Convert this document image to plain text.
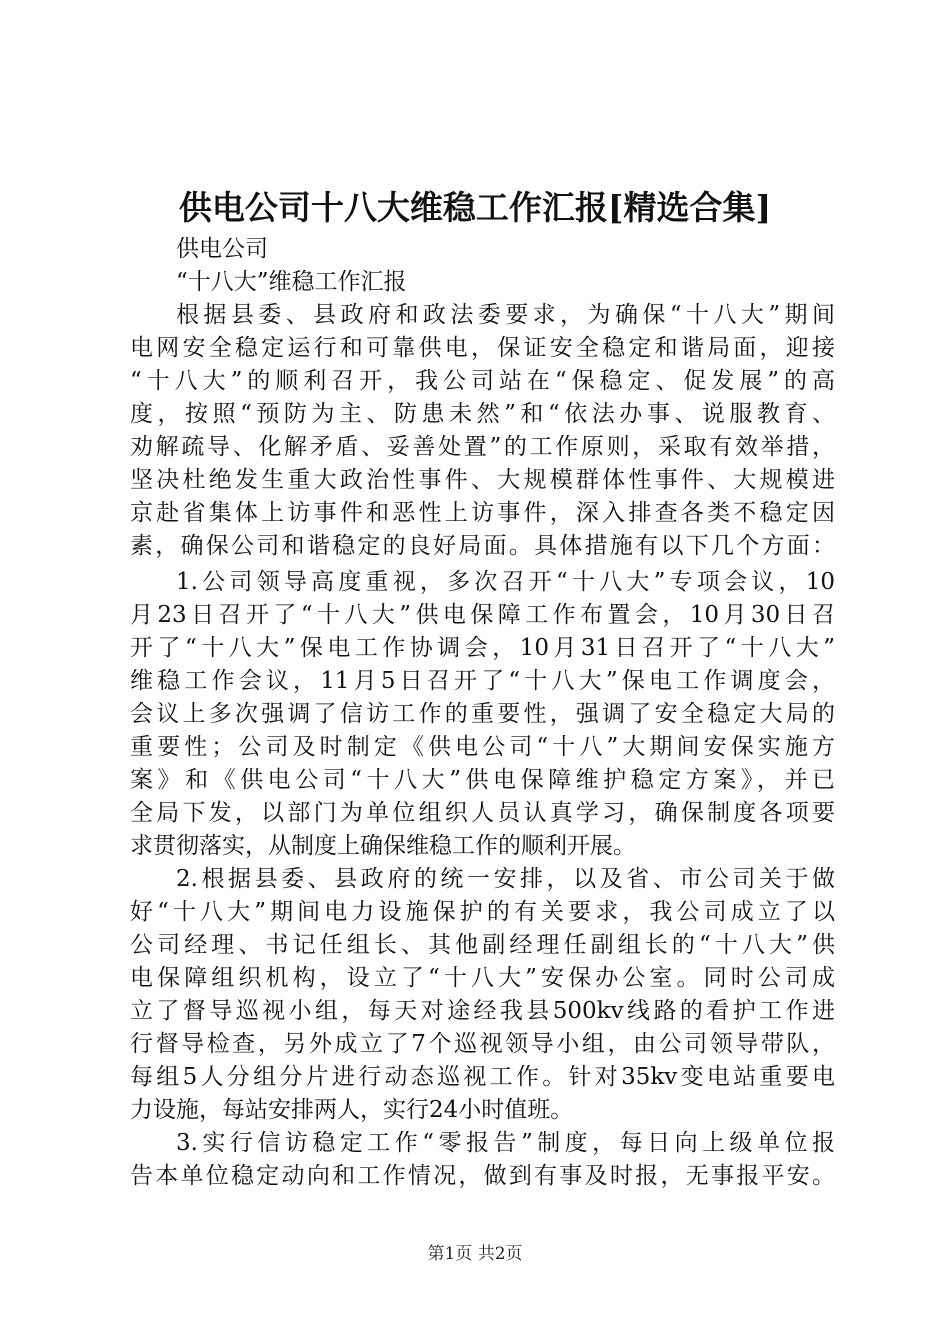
供电公司十八大维稳工作汇报[精选合集]
供电公司
“十八大”维稳工作汇报
根据县委、县政府和政法委要求，为确保“十八大”期间
电网安全稳定运行和可靠供电，保证安全稳定和谐局面，迎接
“十八大”的顺利召开，我公司站在“保稳定、促发展”的高
度，按照“预防为主、防患未然”和“依法办事、说服教育、
劝解疏导、化解矛盾、妥善处置”的工作原则，采取有效举措，
坚决杜绝发生重大政治性事件、大规模群体性事件、大规模进
京赴省集体上访事件和恶性上访事件，深入排查各类不稳定因
素，确保公司和谐稳定的良好局面。具体措施有以下几个方面：
1.公司领导高度重视，多次召开“十八大”专项会议，10
月23日召开了“十八大”供电保障工作布置会，10月30日召
开了“十八大”保电工作协调会，10月31日召开了“十八大”
维稳工作会议，11月5日召开了“十八大”保电工作调度会，
会议上多次强调了信访工作的重要性，强调了安全稳定大局的
重要性；公司及时制定《供电公司“十八”大期间安保实施方
案》和《供电公司“十八大”供电保障维护稳定方案》，并已
全局下发，以部门为单位组织人员认真学习，确保制度各项要
求贯彻落实，从制度上确保维稳工作的顺利开展。
2.根据县委、县政府的统一安排，以及省、市公司关于做
好“十八大”期间电力设施保护的有关要求，我公司成立了以
公司经理、书记任组长、其他副经理任副组长的“十八大”供
电保障组织机构，设立了“十八大”安保办公室。同时公司成
立了督导巡视小组，每天对途经我县500kv线路的看护工作进
行督导检查，另外成立了7个巡视领导小组，由公司领导带队，
每组5人分组分片进行动态巡视工作。针对35kv变电站重要电
力设施，每站安排两人，实行24小时值班。
3.实行信访稳定工作“零报告”制度，每日向上级单位报
告本单位稳定动向和工作情况，做到有事及时报，无事报平安。
第1页 共2页
